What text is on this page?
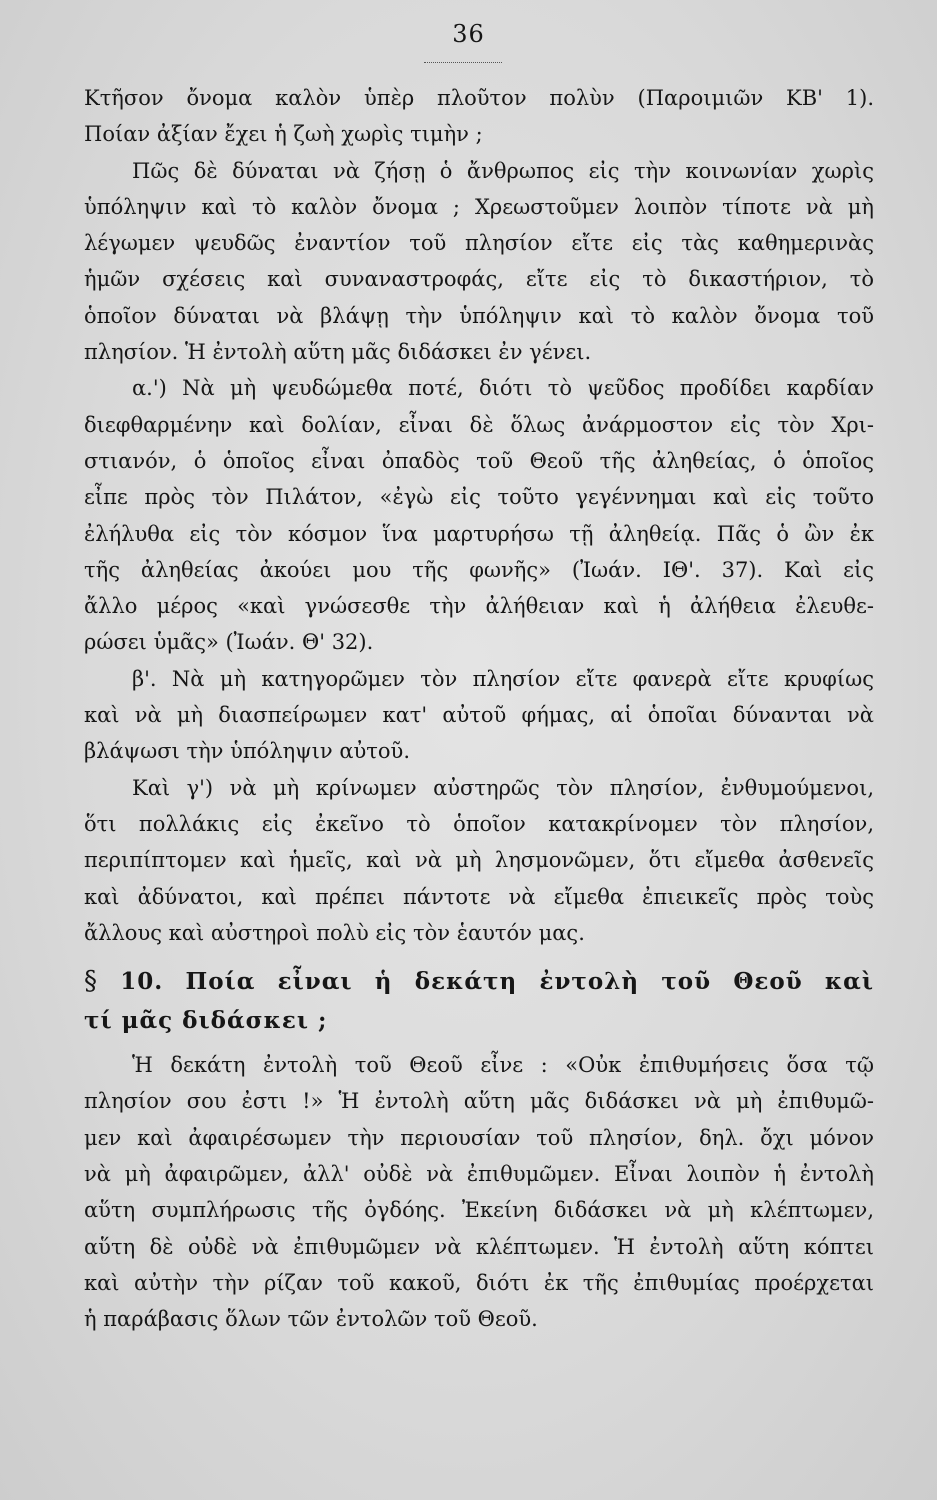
36
Κτῆσον ὄνομα καλὸν ὑπὲρ πλοῦτον πολὺν (Παροιμιῶν ΚΒ' 1).
Ποίαν ἀξίαν ἔχει ἡ ζωὴ χωρὶς τιμὴν ;
Πῶς δὲ δύναται νὰ ζήσῃ ὁ ἄνθρωπος εἰς τὴν κοινωνίαν χωρὶς
ὑπόληψιν καὶ τὸ καλὸν ὄνομα ; Χρεωστοῦμεν λοιπὸν τίποτε νὰ μὴ
λέγωμεν ψευδῶς ἐναντίον τοῦ πλησίον εἴτε εἰς τὰς καθημερινὰς
ἡμῶν σχέσεις καὶ συναναστροφάς, εἴτε εἰς τὸ δικαστήριον, τὸ
ὁποῖον δύναται νὰ βλάψῃ τὴν ὑπόληψιν καὶ τὸ καλὸν ὄνομα τοῦ
πλησίον. Ἡ ἐντολὴ αὕτη μᾶς διδάσκει ἐν γένει.
α.') Νὰ μὴ ψευδώμεθα ποτέ, διότι τὸ ψεῦδος προδίδει καρδίαν
διεφθαρμένην καὶ δολίαν, εἶναι δὲ ὅλως ἀνάρμοστον εἰς τὸν Χρι-
στιανόν, ὁ ὁποῖος εἶναι ὀπαδὸς τοῦ Θεοῦ τῆς ἀληθείας, ὁ ὁποῖος
εἶπε πρὸς τὸν Πιλάτον, «ἐγὼ εἰς τοῦτο γεγέννημαι καὶ εἰς τοῦτο
ἐλήλυθα εἰς τὸν κόσμον ἵνα μαρτυρήσω τῇ ἀληθείᾳ. Πᾶς ὁ ὢν ἐκ
τῆς ἀληθείας ἀκούει μου τῆς φωνῆς» (Ἰωάν. ΙΘ'. 37). Καὶ εἰς
ἄλλο μέρος «καὶ γνώσεσθε τὴν ἀλήθειαν καὶ ἡ ἀλήθεια ἐλευθε-
ρώσει ὑμᾶς» (Ἰωάν. Θ' 32).
β'. Νὰ μὴ κατηγορῶμεν τὸν πλησίον εἴτε φανερὰ εἴτε κρυφίως
καὶ νὰ μὴ διασπείρωμεν κατ' αὐτοῦ φήμας, αἱ ὁποῖαι δύνανται νὰ
βλάψωσι τὴν ὑπόληψιν αὐτοῦ.
Καὶ γ') νὰ μὴ κρίνωμεν αὐστηρῶς τὸν πλησίον, ἐνθυμούμενοι,
ὅτι πολλάκις εἰς ἐκεῖνο τὸ ὁποῖον κατακρίνομεν τὸν πλησίον,
περιπίπτομεν καὶ ἡμεῖς, καὶ νὰ μὴ λησμονῶμεν, ὅτι εἴμεθα ἀσθενεῖς
καὶ ἀδύνατοι, καὶ πρέπει πάντοτε νὰ εἴμεθα ἐπιεικεῖς πρὸς τοὺς
ἄλλους καὶ αὐστηροὶ πολὺ εἰς τὸν ἑαυτόν μας.
§ 10. Ποία εἶναι ἡ δεκάτη ἐντολὴ τοῦ Θεοῦ καὶ
τί μᾶς διδάσκει ;
Ἡ δεκάτη ἐντολὴ τοῦ Θεοῦ εἶνε : «Οὐκ ἐπιθυμήσεις ὅσα τῷ
πλησίον σου ἐστι !» Ἡ ἐντολὴ αὕτη μᾶς διδάσκει νὰ μὴ ἐπιθυμῶ-
μεν καὶ ἀφαιρέσωμεν τὴν περιουσίαν τοῦ πλησίον, δηλ. ὄχι μόνον
νὰ μὴ ἀφαιρῶμεν, ἀλλ' οὐδὲ νὰ ἐπιθυμῶμεν. Εἶναι λοιπὸν ἡ ἐντολὴ
αὕτη συμπλήρωσις τῆς ὀγδόης. Ἐκείνη διδάσκει νὰ μὴ κλέπτωμεν,
αὕτη δὲ οὐδὲ νὰ ἐπιθυμῶμεν νὰ κλέπτωμεν. Ἡ ἐντολὴ αὕτη κόπτει
καὶ αὐτὴν τὴν ρίζαν τοῦ κακοῦ, διότι ἐκ τῆς ἐπιθυμίας προέρχεται
ἡ παράβασις ὅλων τῶν ἐντολῶν τοῦ Θεοῦ.
